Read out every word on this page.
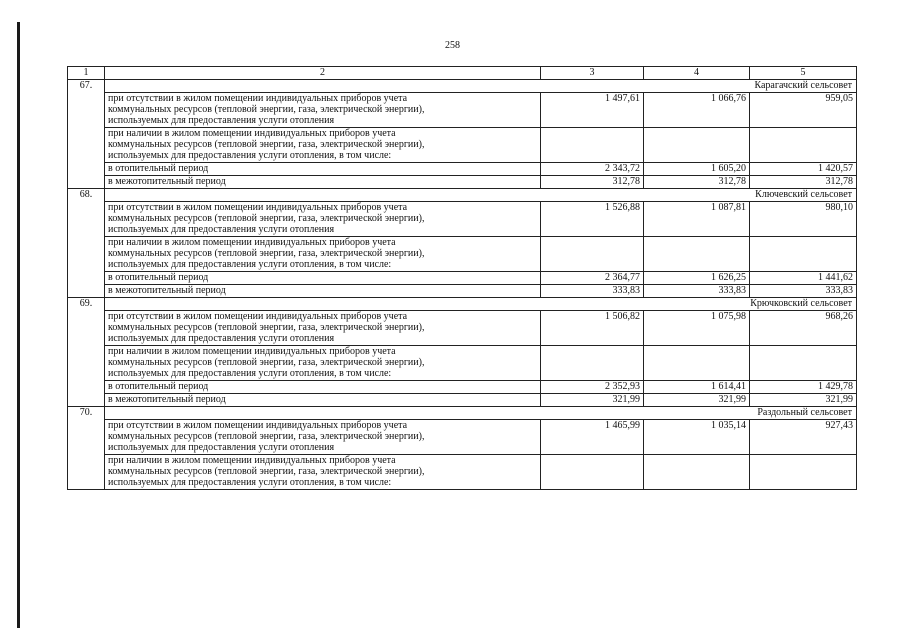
258
1	2	3	4	5
67.	Карагачский сельсовет			
	при отсутствии в жилом помещении индивидуальных приборов учета
коммунальных ресурсов (тепловой энергии, газа, электрической энергии),
используемых для предоставления услуги отопления	1 497,61	1 066,76	959,05
	при наличии в жилом помещении индивидуальных приборов учета
коммунальных ресурсов (тепловой энергии, газа, электрической энергии),
используемых для предоставления услуги отопления, в том числе:			
	в отопительный период	2 343,72	1 605,20	1 420,57
	в межотопительный период	312,78	312,78	312,78
68.	Ключевский сельсовет			
	при отсутствии в жилом помещении индивидуальных приборов учета
коммунальных ресурсов (тепловой энергии, газа, электрической энергии),
используемых для предоставления услуги отопления	1 526,88	1 087,81	980,10
	при наличии в жилом помещении индивидуальных приборов учета
коммунальных ресурсов (тепловой энергии, газа, электрической энергии),
используемых для предоставления услуги отопления, в том числе:			
	в отопительный период	2 364,77	1 626,25	1 441,62
	в межотопительный период	333,83	333,83	333,83
69.	Крючковский сельсовет			
	при отсутствии в жилом помещении индивидуальных приборов учета
коммунальных ресурсов (тепловой энергии, газа, электрической энергии),
используемых для предоставления услуги отопления	1 506,82	1 075,98	968,26
	при наличии в жилом помещении индивидуальных приборов учета
коммунальных ресурсов (тепловой энергии, газа, электрической энергии),
используемых для предоставления услуги отопления, в том числе:			
	в отопительный период	2 352,93	1 614,41	1 429,78
	в межотопительный период	321,99	321,99	321,99
70.	Раздольный сельсовет			
	при отсутствии в жилом помещении индивидуальных приборов учета
коммунальных ресурсов (тепловой энергии, газа, электрической энергии),
используемых для предоставления услуги отопления	1 465,99	1 035,14	927,43
	при наличии в жилом помещении индивидуальных приборов учета
коммунальных ресурсов (тепловой энергии, газа, электрической энергии),
используемых для предоставления услуги отопления, в том числе:			
